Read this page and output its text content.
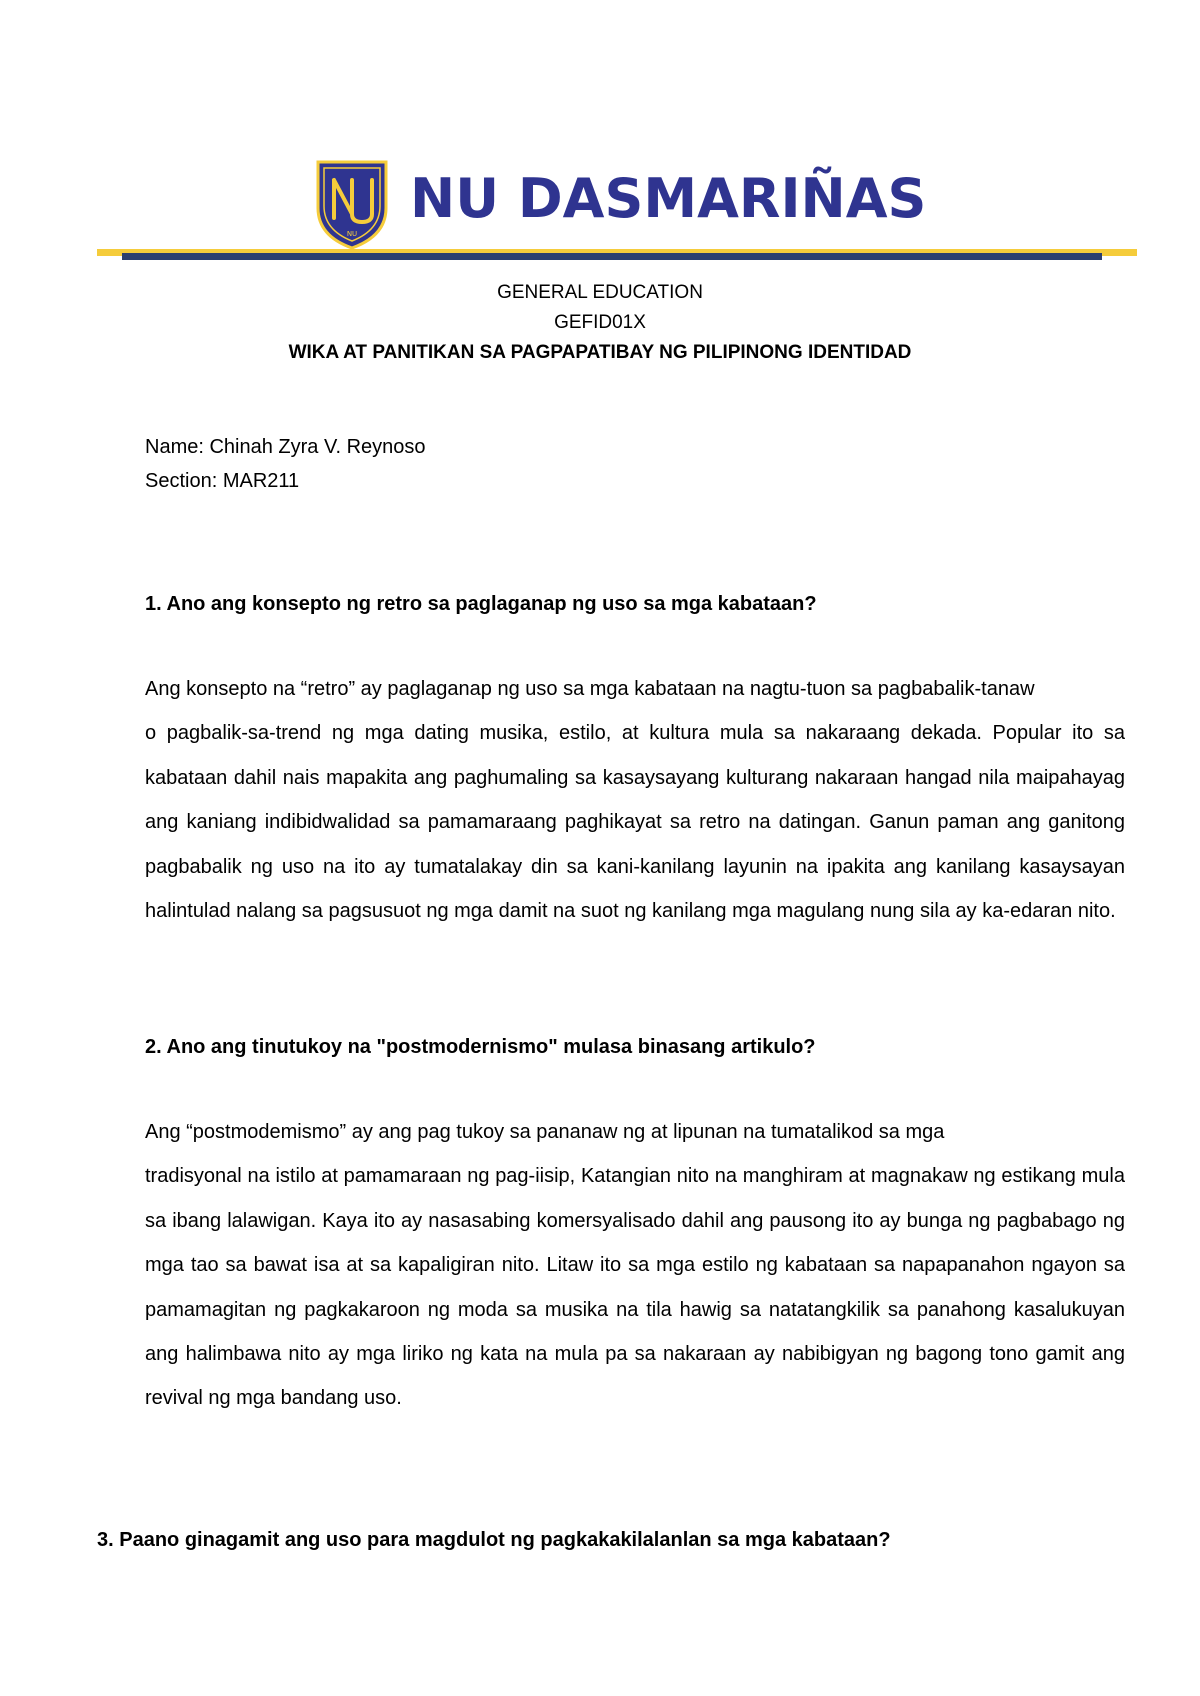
NU
NU DASMARIÑAS
GENERAL EDUCATION
GEFID01X
WIKA AT PANITIKAN SA PAGPAPATIBAY NG PILIPINONG IDENTIDAD
Name: Chinah Zyra V. Reynoso
Section: MAR211
1. Ano ang konsepto ng retro sa paglaganap ng uso sa mga kabataan?
Ang konsepto na “retro” ay paglaganap ng uso sa mga kabataan na nagtu-tuon sa pagbabalik-tanaw
o pagbalik-sa-trend ng mga dating musika, estilo, at kultura mula sa nakaraang dekada. Popular ito sa kabataan dahil nais mapakita ang paghumaling sa kasaysayang kulturang nakaraan hangad nila maipahayag ang kaniang indibidwalidad sa pamamaraang paghikayat sa retro na datingan. Ganun paman ang ganitong pagbabalik ng uso na ito ay tumatalakay din sa kani-kanilang layunin na ipakita ang kanilang kasaysayan halintulad nalang sa pagsusuot ng mga damit na suot ng kanilang mga magulang nung sila ay ka-edaran nito.
2. Ano ang tinutukoy na "postmodernismo" mulasa binasang artikulo?
Ang “postmodemismo” ay ang pag tukoy sa pananaw ng at lipunan na tumatalikod sa mga
tradisyonal na istilo at pamamaraan ng pag-iisip, Katangian nito na manghiram at magnakaw ng estikang mula sa ibang lalawigan. Kaya ito ay nasasabing komersyalisado dahil ang pausong ito ay bunga ng pagbabago ng mga tao sa bawat isa at sa kapaligiran nito. Litaw ito sa mga estilo ng kabataan sa napapanahon ngayon sa pamamagitan ng pagkakaroon ng moda sa musika na tila hawig sa natatangkilik sa panahong kasalukuyan ang halimbawa nito ay mga liriko ng kata na mula pa sa nakaraan ay nabibigyan ng bagong tono gamit ang revival ng mga bandang uso.
3. Paano ginagamit ang uso para magdulot ng pagkakakilalanlan sa mga kabataan?
